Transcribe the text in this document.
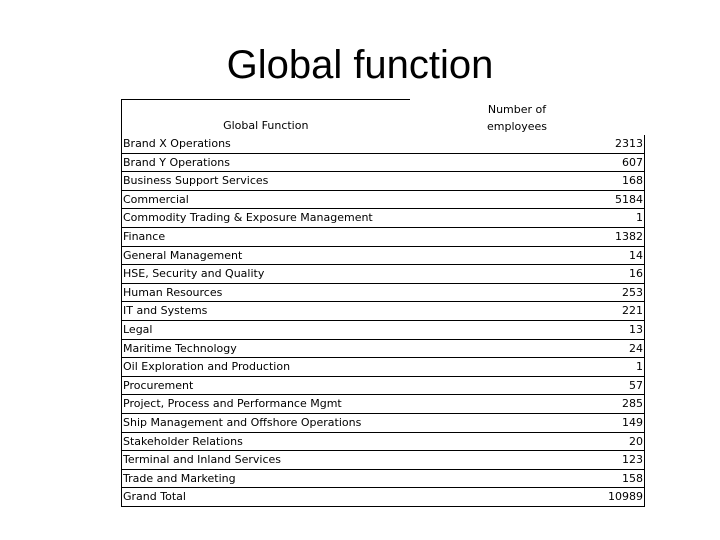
Global function
Global Function	Number of employees	

Brand X Operations		2313
Brand Y Operations		607
Business Support Services		168
Commercial		5184
Commodity Trading & Exposure Management		1
Finance		1382
General Management		14
HSE, Security and Quality		16
Human Resources		253
IT and Systems		221
Legal		13
Maritime Technology		24
Oil Exploration and Production		1
Procurement		57
Project, Process and Performance Mgmt		285
Ship Management and Offshore Operations		149
Stakeholder Relations		20
Terminal and Inland Services		123
Trade and Marketing		158
Grand Total		10989
